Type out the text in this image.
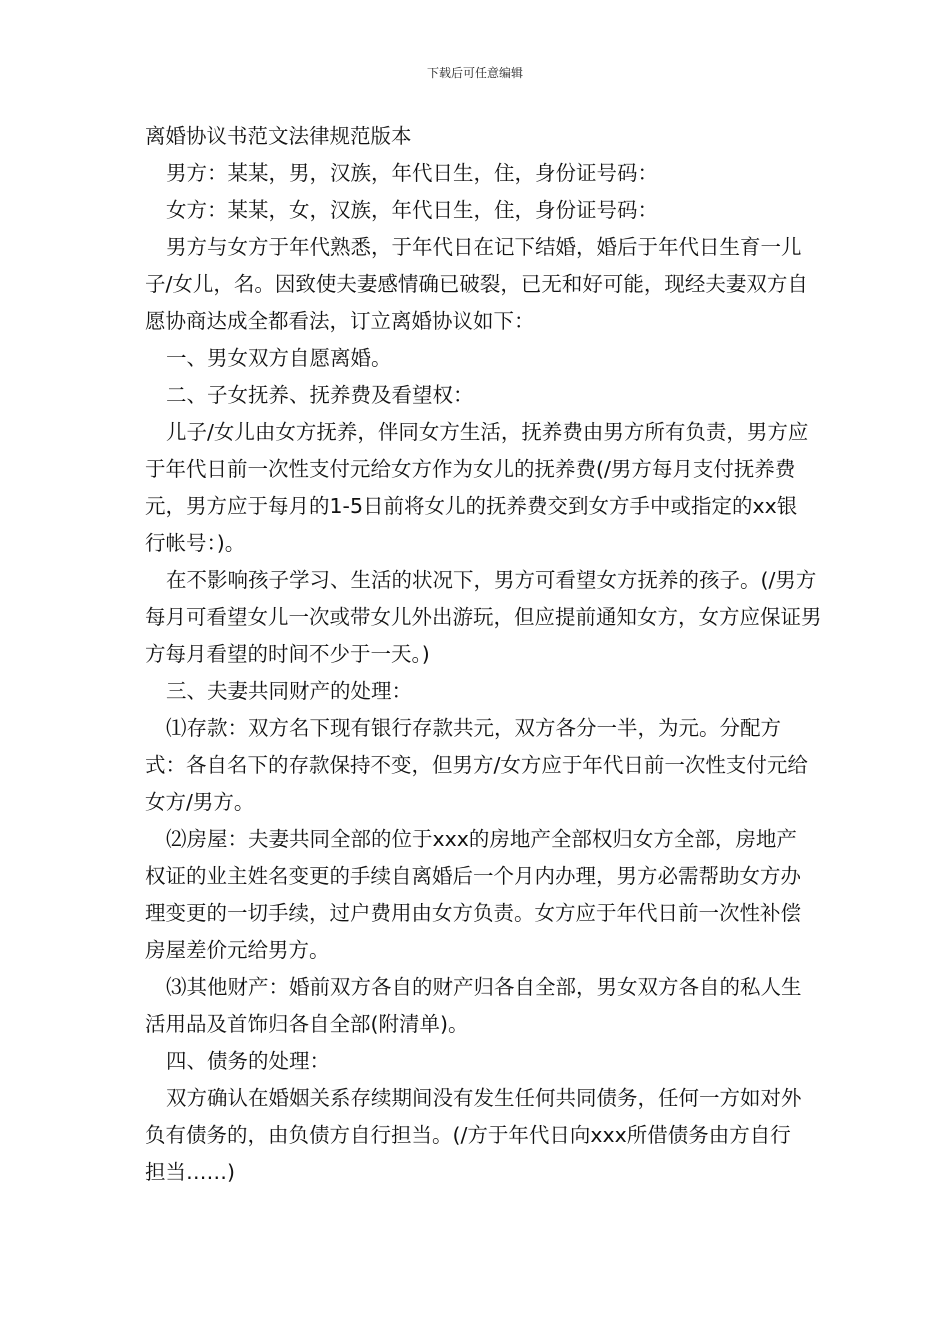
下载后可任意编辑
离婚协议书范文法律规范版本

男方：某某，男，汉族，年代日生，住，身份证号码：

女方：某某，女，汉族，年代日生，住，身份证号码：

男方与女方于年代熟悉，于年代日在记下结婚，婚后于年代日生育一儿子/女儿，名。因致使夫妻感情确已破裂，已无和好可能，现经夫妻双方自愿协商达成全都看法，订立离婚协议如下：

一、男女双方自愿离婚。

二、子女抚养、抚养费及看望权：

儿子/女儿由女方抚养，伴同女方生活，抚养费由男方所有负责，男方应于年代日前一次性支付元给女方作为女儿的抚养费(/男方每月支付抚养费元，男方应于每月的1-5日前将女儿的抚养费交到女方手中或指定的xx银行帐号：)。

在不影响孩子学习、生活的状况下，男方可看望女方抚养的孩子。(/男方每月可看望女儿一次或带女儿外出游玩，但应提前通知女方，女方应保证男方每月看望的时间不少于一天。)

三、夫妻共同财产的处理：

⑴存款：双方名下现有银行存款共元，双方各分一半，为元。分配方式：各自名下的存款保持不变，但男方/女方应于年代日前一次性支付元给女方/男方。

⑵房屋：夫妻共同全部的位于xxx的房地产全部权归女方全部，房地产权证的业主姓名变更的手续自离婚后一个月内办理，男方必需帮助女方办理变更的一切手续，过户费用由女方负责。女方应于年代日前一次性补偿房屋差价元给男方。

⑶其他财产：婚前双方各自的财产归各自全部，男女双方各自的私人生活用品及首饰归各自全部(附清单)。

四、债务的处理：

双方确认在婚姻关系存续期间没有发生任何共同债务，任何一方如对外负有债务的，由负债方自行担当。(/方于年代日向xxx所借债务由方自行担当……)
